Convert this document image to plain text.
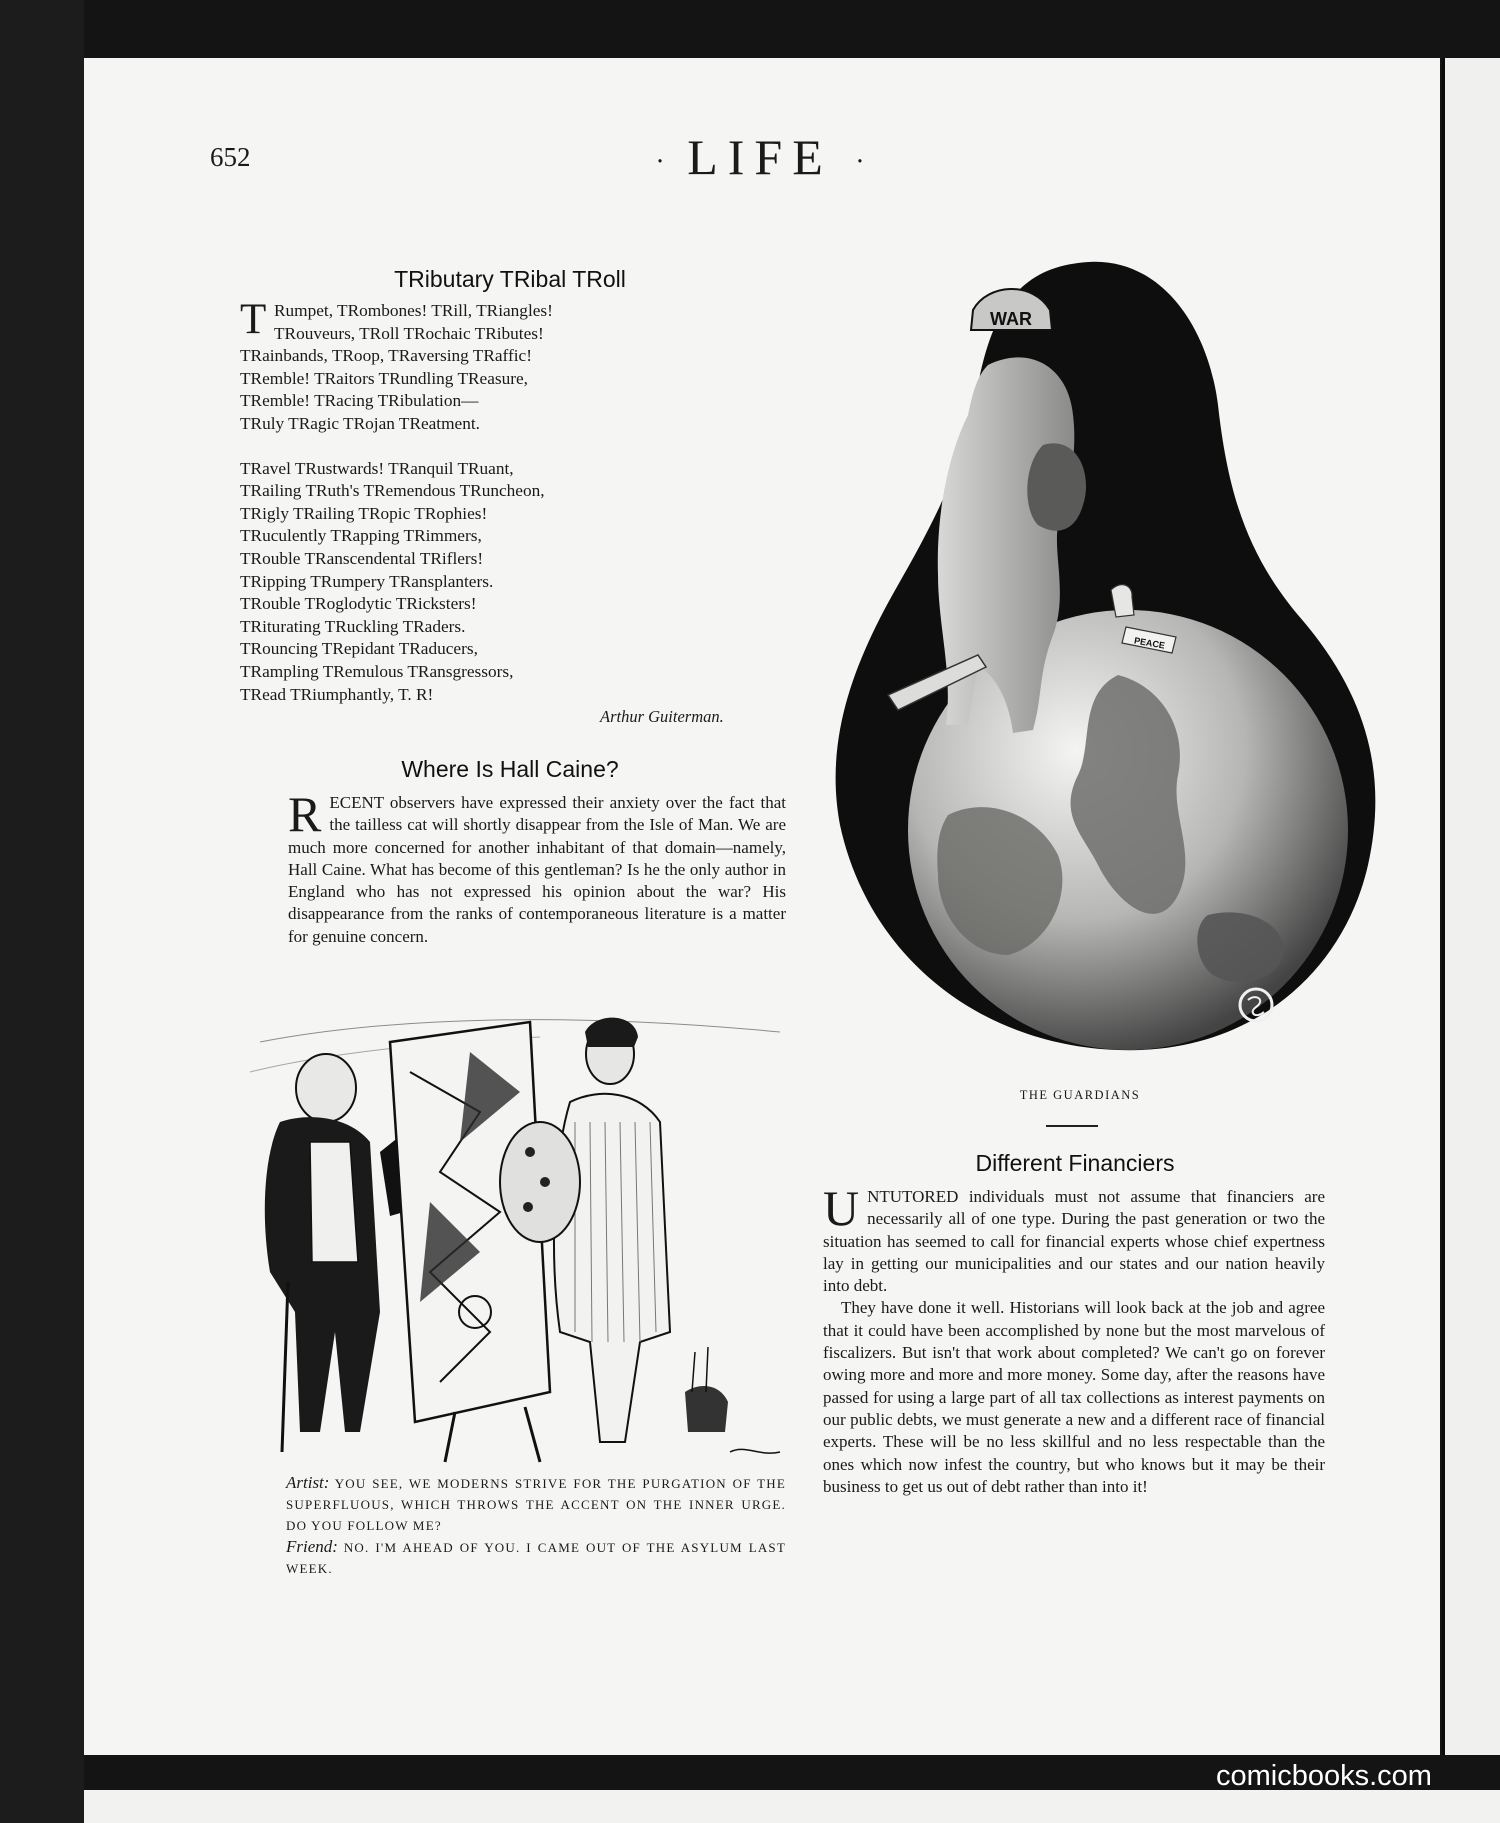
652	· LIFE ·
TRibutary TRibal TRoll

T Rumpet, TRombones! TRill, TRiangles!

TRouveurs, TRoll TRochaic TRibutes!

TRainbands, TRoop, TRaversing TRaffic!

TRemble! TRaitors TRundling TReasure,

TRemble! TRacing TRibulation—

TRuly TRagic TRojan TReatment.

TRavel TRustwards! TRanquil TRuant,

TRailing TRuth's TRemendous TRuncheon,

TRigly TRailing TRopic TRophies!

TRuculently TRapping TRimmers,

TRouble TRanscendental TRiflers!

TRipping TRumpery TRansplanters.

TRouble TRoglodytic TRicksters!

TRiturating TRuckling TRaders.

TRouncing TRepidant TRaducers,

TRampling TRemulous TRansgressors,

TRead TRiumphantly, T. R!

Arthur Guiterman.
Where Is Hall Caine?

RECENT observers have expressed their anxiety over the fact that the tailless cat will shortly disappear from the Isle of Man. We are much more concerned for another inhabitant of that domain—namely, Hall Caine. What has become of this gentleman? Is he the only author in England who has not expressed his opinion about the war? His disappearance from the ranks of contemporaneous literature is a matter for genuine concern.

WAR
PEACE
THE GUARDIANS

Artist: YOU SEE, WE MODERNS STRIVE FOR THE PURGATION OF THE SUPERFLUOUS, WHICH THROWS THE ACCENT ON THE INNER URGE. DO YOU FOLLOW ME?

Friend: NO. I'M AHEAD OF YOU. I CAME OUT OF THE ASYLUM LAST WEEK.

Different Financiers

UNTUTORED individuals must not assume that financiers are necessarily all of one type. During the past generation or two the situation has seemed to call for financial experts whose chief expertness lay in getting our municipalities and our states and our nation heavily into debt.

They have done it well. Historians will look back at the job and agree that it could have been accomplished by none but the most marvelous of fiscalizers. But isn't that work about completed? We can't go on forever owing more and more and more money. Some day, after the reasons have passed for using a large part of all tax collections as interest payments on our public debts, we must generate a new and a different race of financial experts. These will be no less skillful and no less respectable than the ones which now infest the country, but who knows but it may be their business to get us out of debt rather than into it!

comicbooks.com
